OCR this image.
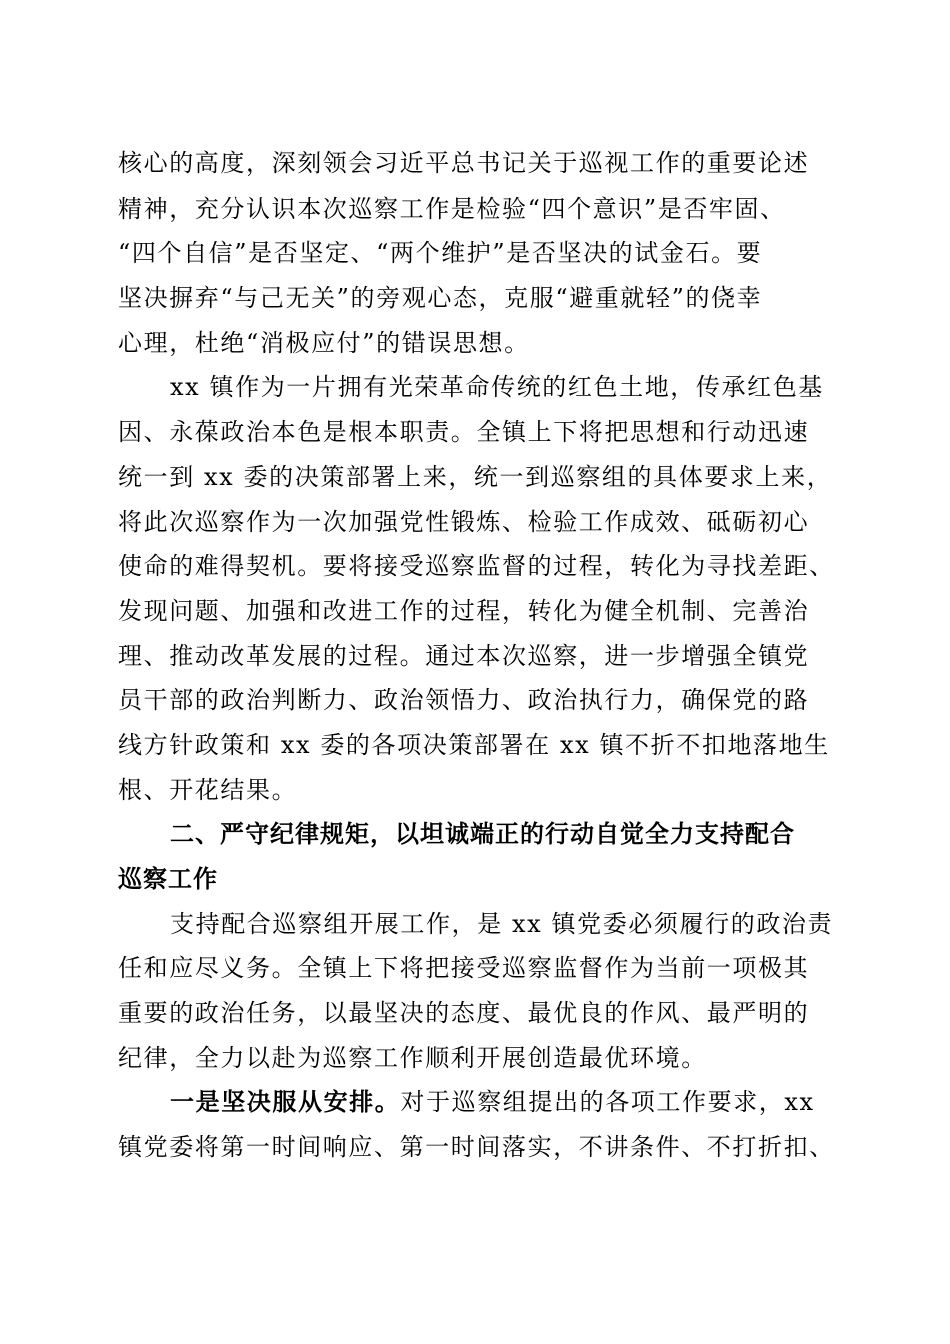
核心的高度，深刻领会习近平总书记关于巡视工作的重要论述
精神，充分认识本次巡察工作是检验“四个意识”是否牢固、
“四个自信”是否坚定、“两个维护”是否坚决的试金石。要
坚决摒弃“与己无关”的旁观心态，克服“避重就轻”的侥幸
心理，杜绝“消极应付”的错误思想。
xx 镇作为一片拥有光荣革命传统的红色土地，传承红色基
因、永葆政治本色是根本职责。全镇上下将把思想和行动迅速
统一到 xx 委的决策部署上来，统一到巡察组的具体要求上来，
将此次巡察作为一次加强党性锻炼、检验工作成效、砥砺初心
使命的难得契机。要将接受巡察监督的过程，转化为寻找差距、
发现问题、加强和改进工作的过程，转化为健全机制、完善治
理、推动改革发展的过程。通过本次巡察，进一步增强全镇党
员干部的政治判断力、政治领悟力、政治执行力，确保党的路
线方针政策和 xx 委的各项决策部署在 xx 镇不折不扣地落地生
根、开花结果。
二、严守纪律规矩，以坦诚端正的行动自觉全力支持配合
巡察工作
支持配合巡察组开展工作，是 xx 镇党委必须履行的政治责
任和应尽义务。全镇上下将把接受巡察监督作为当前一项极其
重要的政治任务，以最坚决的态度、最优良的作风、最严明的
纪律，全力以赴为巡察工作顺利开展创造最优环境。
一是坚决服从安排。对于巡察组提出的各项工作要求，xx
镇党委将第一时间响应、第一时间落实，不讲条件、不打折扣、
